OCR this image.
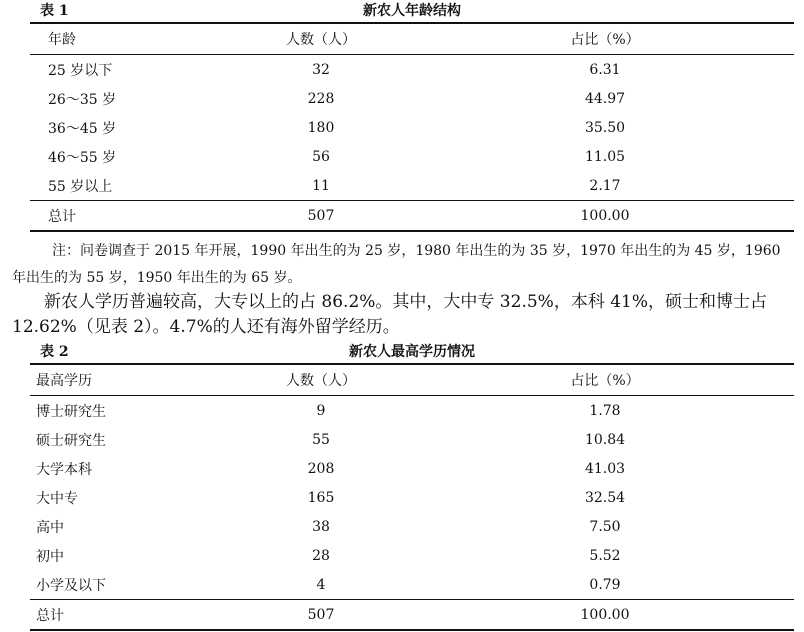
表 1	新农人年龄结构
年龄	人数（人）	占比（%）
25 岁以下	32	6.31
26～35 岁	228	44.97
36～45 岁	180	35.50
46～55 岁	56	11.05
55 岁以上	11	2.17
总计	507	100.00

注：问卷调查于 2015 年开展，1990 年出生的为 25 岁，1980 年出生的为 35 岁，1970 年出生的为 45 岁，1960 年出生的为 55 岁，1950 年出生的为 65 岁。

新农人学历普遍较高，大专以上的占 86.2%。其中，大中专 32.5%，本科 41%，硕士和博士占 12.62%（见表 2）。4.7%的人还有海外留学经历。

表 2	新农人最高学历情况
最高学历	人数（人）	占比（%）
博士研究生	9	1.78
硕士研究生	55	10.84
大学本科	208	41.03
大中专	165	32.54
高中	38	7.50
初中	28	5.52
小学及以下	4	0.79
总计	507	100.00
